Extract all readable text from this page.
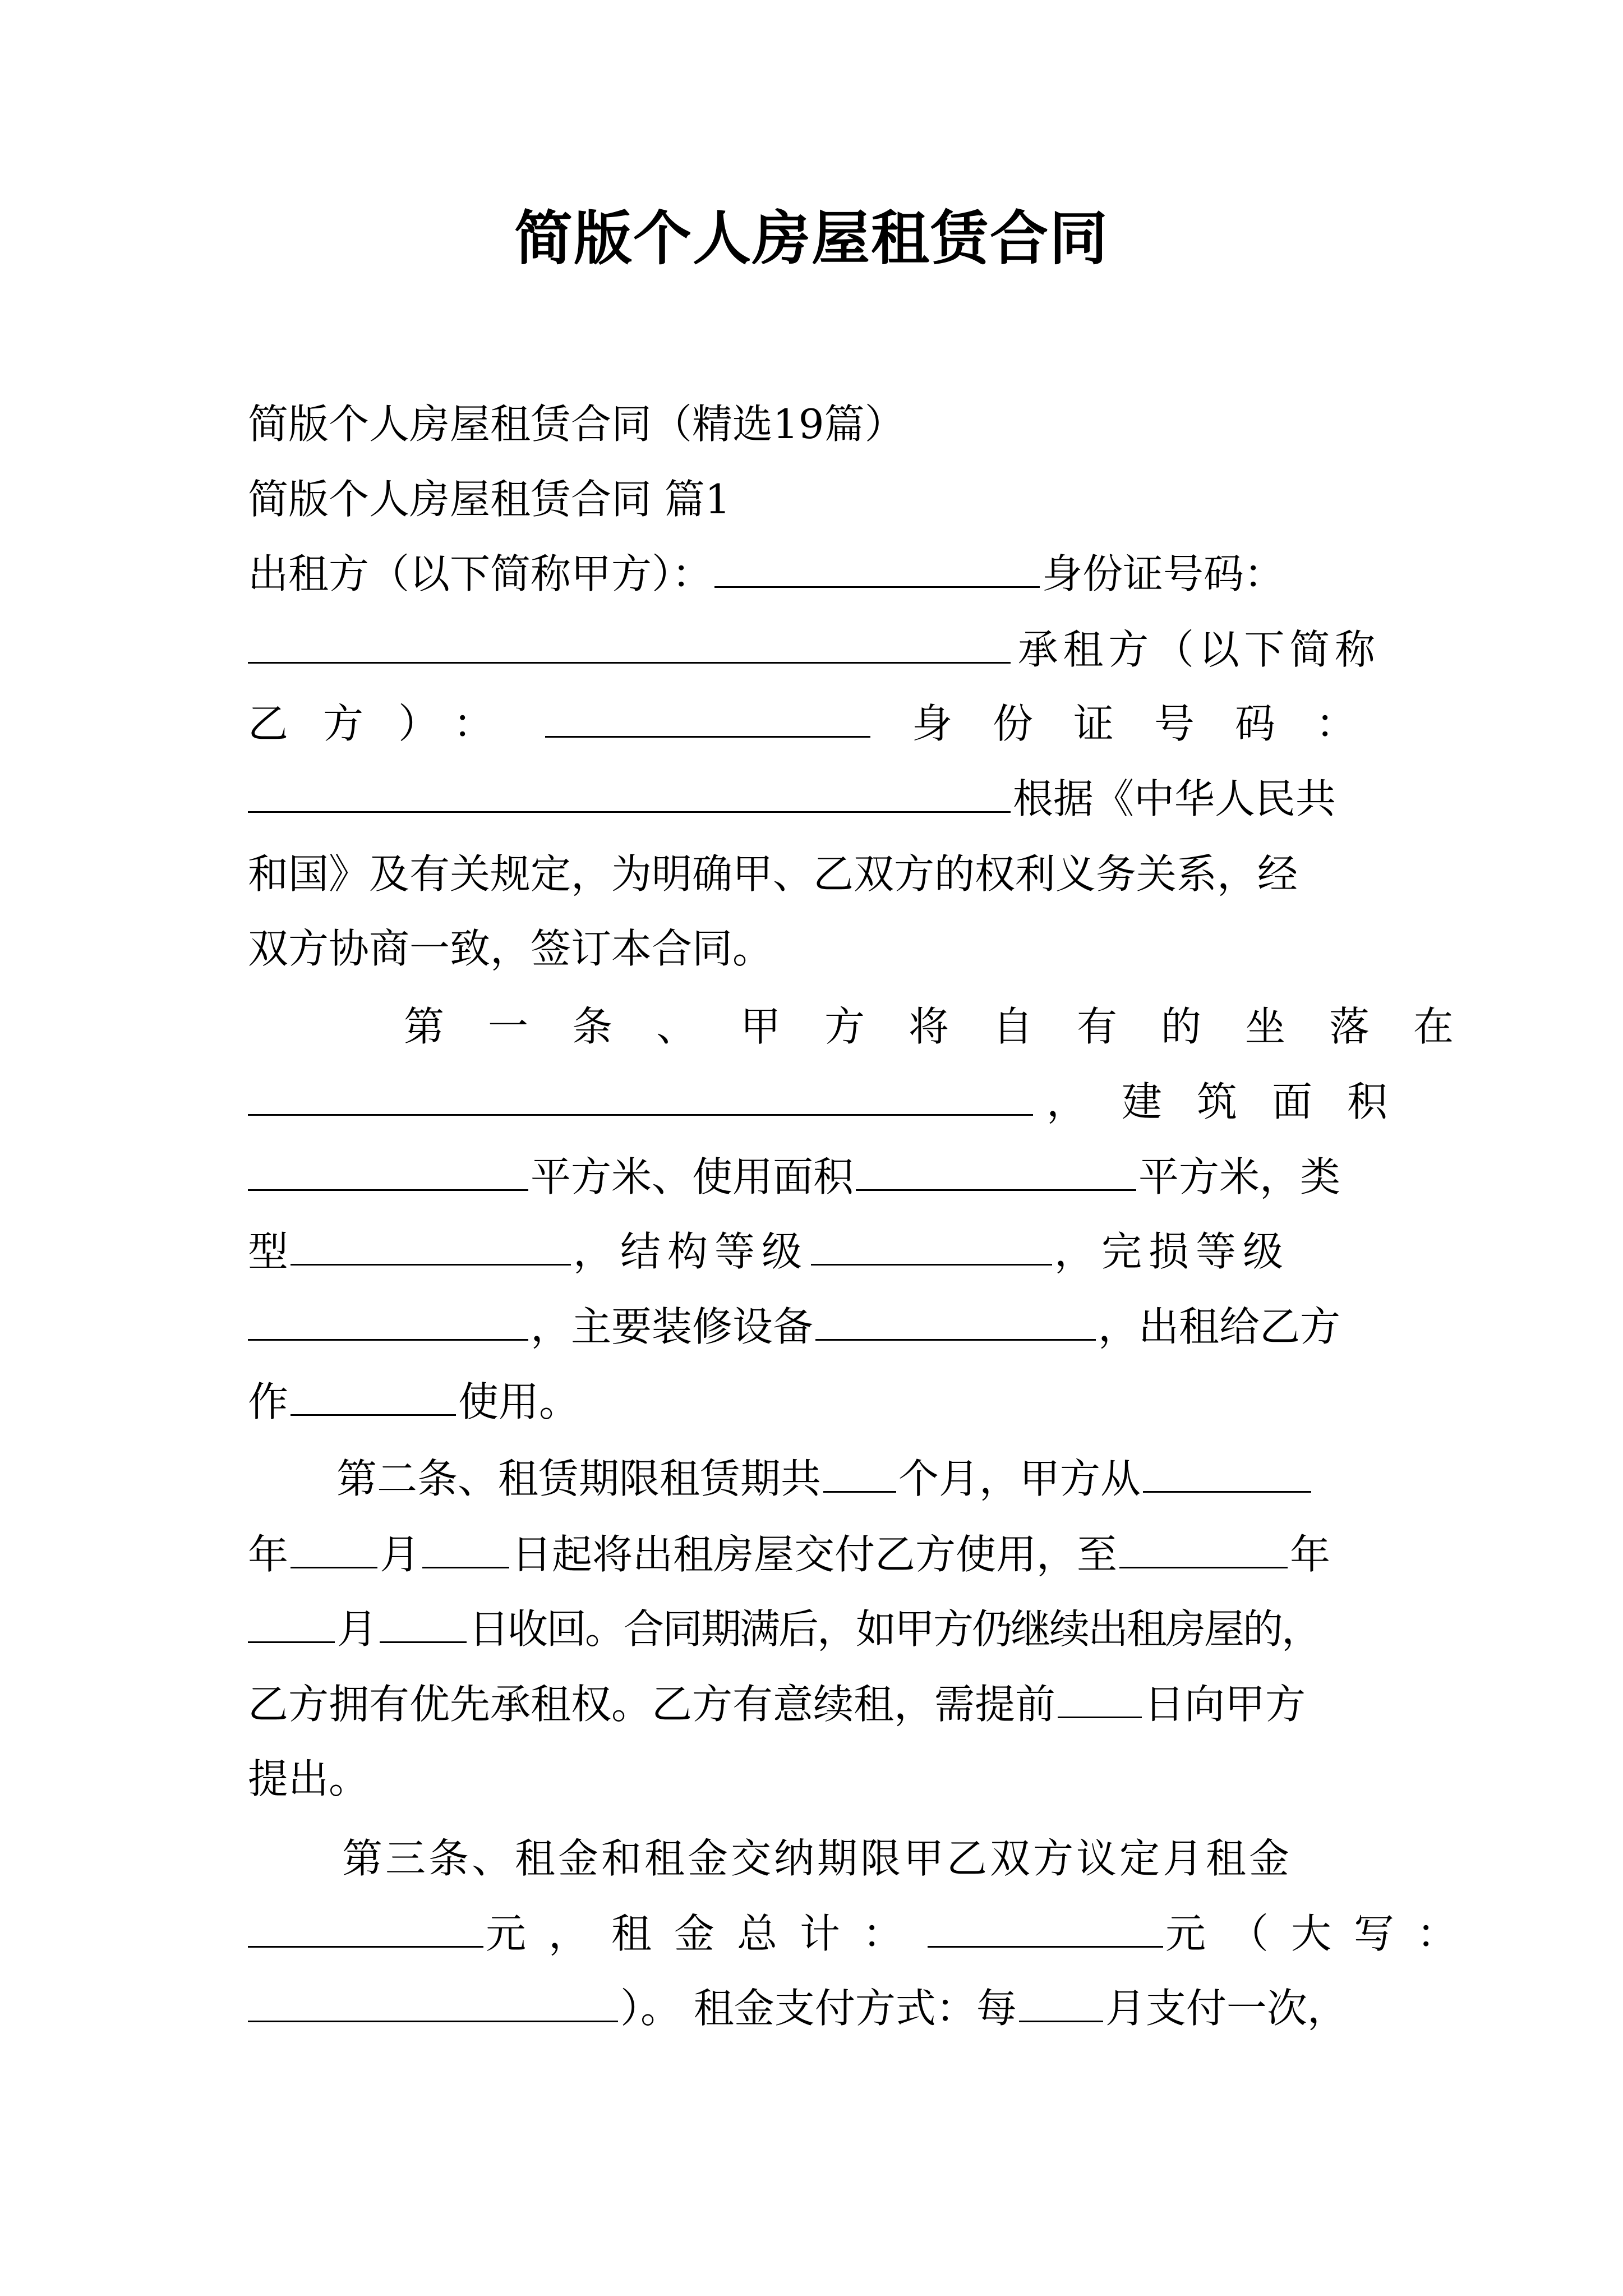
简版个人房屋租赁合同
简版个人房屋租赁合同（精选19篇）
简版个人房屋租赁合同 篇1
出租方（以下简称甲方）：	身份证号码：
承租方（以下简称
乙方）：	身份证号码：
根据《中华人民共
和国》及有关规定，为明确甲、乙双方的权利义务关系，经
双方协商一致，签订本合同。
第一条、甲方将自有的坐落在
，建筑面积
平方米、使用面积	平方米，类
型	，结构等级	，完损等级
，主要装修设备	，出租给乙方
作	使用。
第二条、租赁期限租赁期共 个月，甲方从
年 月 日起将出租房屋交付乙方使用，至	年
月 日收回。合同期满后，如甲方仍继续出租房屋的，
乙方拥有优先承租权。乙方有意续租，需提前 日向甲方
提出。
第三条、租金和租金交纳期限甲乙双方议定月租金
元，租金总计：	元（大写：
）。 租金支付方式：每 月支付一次，
